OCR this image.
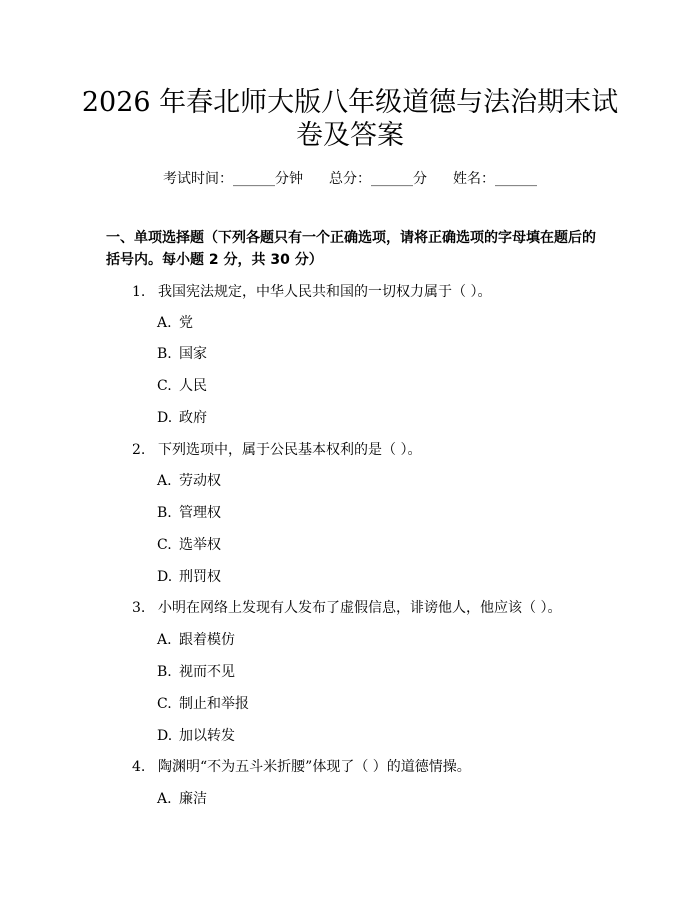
2026 年春北师大版八年级道德与法治期末试
卷及答案
考试时间：______分钟 总分：______分 姓名：______

一、单项选择题（下列各题只有一个正确选项，请将正确选项的字母填在题后的

括号内。每小题 2 分，共 30 分）

1. 我国宪法规定，中华人民共和国的一切权力属于（ ）。
A. 党
B. 国家
C. 人民
D. 政府
2. 下列选项中，属于公民基本权利的是（ ）。
A. 劳动权
B. 管理权
C. 选举权
D. 刑罚权
3. 小明在网络上发现有人发布了虚假信息，诽谤他人，他应该（ ）。
A. 跟着模仿
B. 视而不见
C. 制止和举报
D. 加以转发
4. 陶渊明“不为五斗米折腰”体现了（ ）的道德情操。
A. 廉洁
